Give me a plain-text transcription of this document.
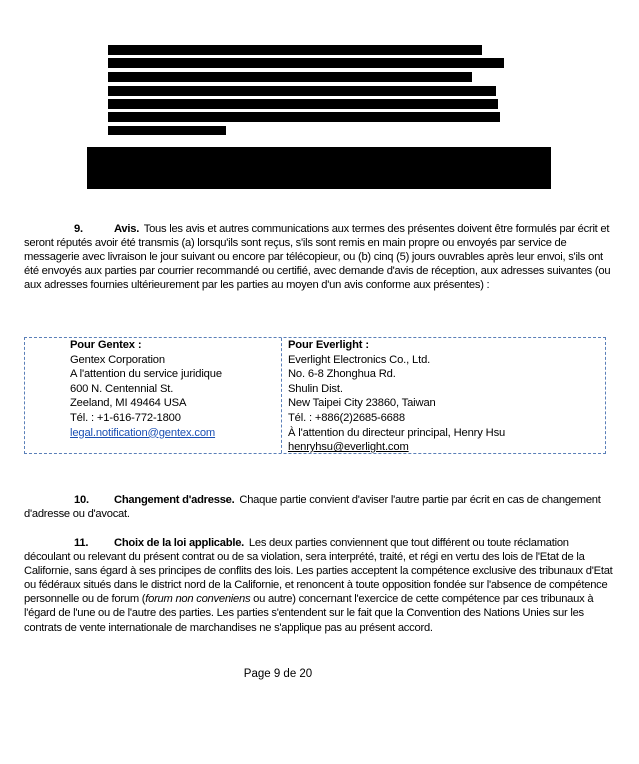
9.	Avis. Tous les avis et autres communications aux termes des présentes doivent être formulés par écrit et seront réputés avoir été transmis (a) lorsqu'ils sont reçus, s'ils sont remis en main propre ou envoyés par service de messagerie avec livraison le jour suivant ou encore par télécopieur, ou (b) cinq (5) jours ouvrables après leur envoi, s'ils ont été envoyés aux parties par courrier recommandé ou certifié, avec demande d'avis de réception, aux adresses suivantes (ou aux adresses fournies ultérieurement par les parties au moyen d'un avis conforme aux présentes) :
Pour Gentex :
Gentex Corporation
A l'attention du service juridique
600 N. Centennial St.
Zeeland, MI 49464 USA
Tél. : +1-616-772-1800
legal.notification@gentex.com
Pour Everlight :
Everlight Electronics Co., Ltd.
No. 6-8 Zhonghua Rd.
Shulin Dist.
New Taipei City 23860, Taiwan
Tél. : +886(2)2685-6688
À l'attention du directeur principal, Henry Hsu
henryhsu@everlight.com
10. Changement d'adresse. Chaque partie convient d'aviser l'autre partie par écrit en cas de changement d'adresse ou d'avocat.
11. Choix de la loi applicable. Les deux parties conviennent que tout différent ou toute réclamation découlant ou relevant du présent contrat ou de sa violation, sera interprété, traité, et régi en vertu des lois de l'Etat de la Californie, sans égard à ses principes de conflits des lois. Les parties acceptent la compétence exclusive des tribunaux d'Etat ou fédéraux situés dans le district nord de la Californie, et renoncent à toute opposition fondée sur l'absence de compétence personnelle ou de forum (forum non conveniens ou autre) concernant l'exercice de cette compétence par ces tribunaux à l'égard de l'une ou de l'autre des parties. Les parties s'entendent sur le fait que la Convention des Nations Unies sur les contrats de vente internationale de marchandises ne s'applique pas au présent accord.
Page 9 de 20
